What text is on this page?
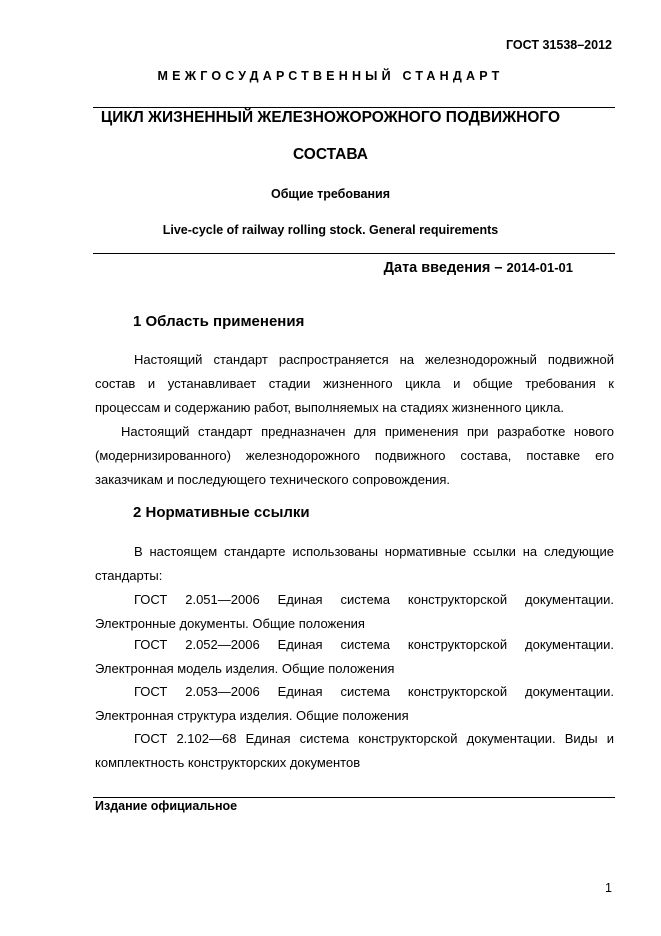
ГОСТ 31538–2012
МЕЖГОСУДАРСТВЕННЫЙ СТАНДАРТ
ЦИКЛ ЖИЗНЕННЫЙ ЖЕЛЕЗНОЖОРОЖНОГО ПОДВИЖНОГО
СОСТАВА
Общие требования
Live-cycle of railway rolling stock. General requirements
Дата введения – 2014-01-01
1 Область применения
Настоящий стандарт распространяется на железнодорожный подвижной
состав и устанавливает стадии жизненного цикла и общие требования к
процессам и содержанию работ, выполняемых на стадиях жизненного цикла.
Настоящий стандарт предназначен для применения при разработке нового
(модернизированного) железнодорожного подвижного состава, поставке его
заказчикам и последующего технического сопровождения.
2 Нормативные ссылки
В настоящем стандарте использованы нормативные ссылки на следующие
стандарты:
ГОСТ 2.051—2006 Единая система конструкторской документации.
Электронные документы. Общие положения
ГОСТ 2.052—2006 Единая система конструкторской документации.
Электронная модель изделия. Общие положения
ГОСТ 2.053—2006 Единая система конструкторской документации.
Электронная структура изделия. Общие положения
ГОСТ 2.102—68 Единая система конструкторской документации. Виды и
комплектность конструкторских документов
Издание официальное
1
